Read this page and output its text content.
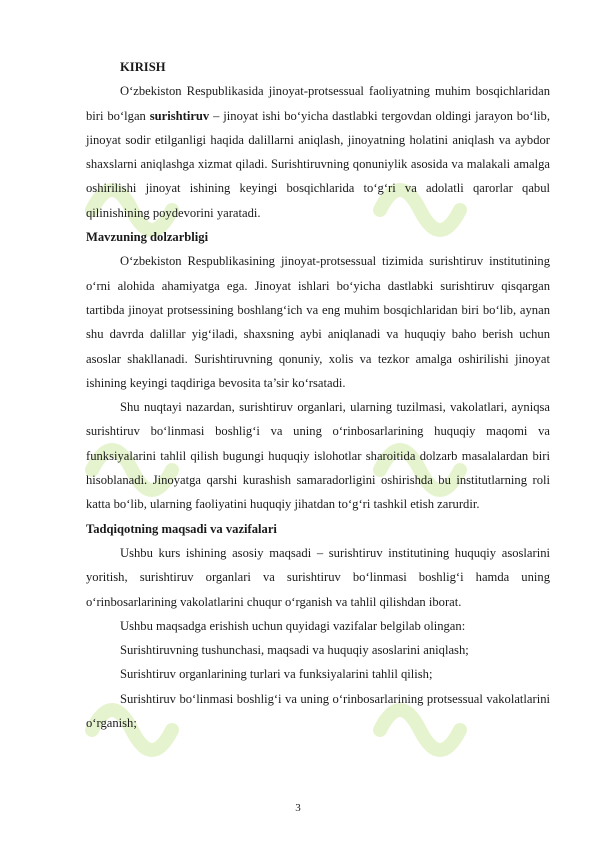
KIRISH

O‘zbekiston Respublikasida jinoyat-protsessual faoliyatning muhim bosqichlaridan biri bo‘lgan surishtiruv – jinoyat ishi bo‘yicha dastlabki tergovdan oldingi jarayon bo‘lib, jinoyat sodir etilganligi haqida dalillarni aniqlash, jinoyatning holatini aniqlash va aybdor shaxslarni aniqlashga xizmat qiladi. Surishtiruvning qonuniylik asosida va malakali amalga oshirilishi jinoyat ishining keyingi bosqichlarida to‘g‘ri va adolatli qarorlar qabul qilinishining poydevorini yaratadi.

Mavzuning dolzarbligi

O‘zbekiston Respublikasining jinoyat-protsessual tizimida surishtiruv institutining o‘rni alohida ahamiyatga ega. Jinoyat ishlari bo‘yicha dastlabki surishtiruv qisqargan tartibda jinoyat protsessining boshlang‘ich va eng muhim bosqichlaridan biri bo‘lib, aynan shu davrda dalillar yig‘iladi, shaxsning aybi aniqlanadi va huquqiy baho berish uchun asoslar shakllanadi. Surishtiruvning qonuniy, xolis va tezkor amalga oshirilishi jinoyat ishining keyingi taqdiriga bevosita ta’sir ko‘rsatadi.

Shu nuqtayi nazardan, surishtiruv organlari, ularning tuzilmasi, vakolatlari, ayniqsa surishtiruv bo‘linmasi boshlig‘i va uning o‘rinbosarlarining huquqiy maqomi va funksiyalarini tahlil qilish bugungi huquqiy islohotlar sharoitida dolzarb masalalardan biri hisoblanadi. Jinoyatga qarshi kurashish samaradorligini oshirishda bu institutlarning roli katta bo‘lib, ularning faoliyatini huquqiy jihatdan to‘g‘ri tashkil etish zarurdir.

Tadqiqotning maqsadi va vazifalari

Ushbu kurs ishining asosiy maqsadi – surishtiruv institutining huquqiy asoslarini yoritish, surishtiruv organlari va surishtiruv bo‘linmasi boshlig‘i hamda uning o‘rinbosarlarining vakolatlarini chuqur o‘rganish va tahlil qilishdan iborat.

Ushbu maqsadga erishish uchun quyidagi vazifalar belgilab olingan:

Surishtiruvning tushunchasi, maqsadi va huquqiy asoslarini aniqlash;

Surishtiruv organlarining turlari va funksiyalarini tahlil qilish;

Surishtiruv bo‘linmasi boshlig‘i va uning o‘rinbosarlarining protsessual vakolatlarini o‘rganish;

3
